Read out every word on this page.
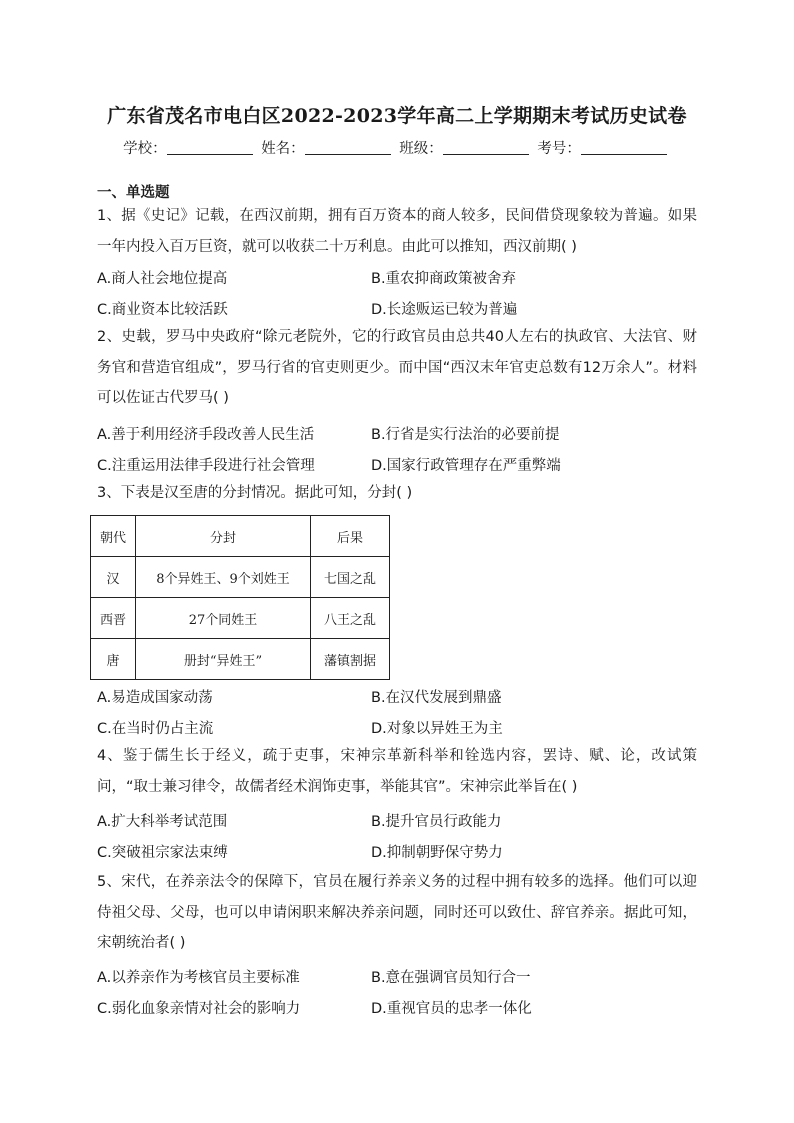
广东省茂名市电白区2022-2023学年高二上学期期末考试历史试卷
学校：	姓名：	班级：	考号：
一、单选题
1、据《史记》记载，在西汉前期，拥有百万资本的商人较多，民间借贷现象较为普遍。如果一年内投入百万巨资，就可以收获二十万利息。由此可以推知，西汉前期( )
A.商人社会地位提高	B.重农抑商政策被舍弃
C.商业资本比较活跃	D.长途贩运已较为普遍
2、史载，罗马中央政府“除元老院外，它的行政官员由总共40人左右的执政官、大法官、财务官和营造官组成”，罗马行省的官吏则更少。而中国“西汉末年官吏总数有12万余人”。材料可以佐证古代罗马( )
A.善于利用经济手段改善人民生活	B.行省是实行法治的必要前提
C.注重运用法律手段进行社会管理	D.国家行政管理存在严重弊端
3、下表是汉至唐的分封情况。据此可知，分封( )
朝代	分封	后果
汉	8个异姓王、9个刘姓王	七国之乱
西晋	27个同姓王	八王之乱
唐	册封“异姓王”	藩镇割据
A.易造成国家动荡	B.在汉代发展到鼎盛
C.在当时仍占主流	D.对象以异姓王为主
4、鉴于儒生长于经义，疏于吏事，宋神宗革新科举和铨选内容，罢诗、赋、论，改试策问，“取士兼习律令，故儒者经术润饰吏事，举能其官”。宋神宗此举旨在( )
A.扩大科举考试范围	B.提升官员行政能力
C.突破祖宗家法束缚	D.抑制朝野保守势力
5、宋代，在养亲法令的保障下，官员在履行养亲义务的过程中拥有较多的选择。他们可以迎侍祖父母、父母，也可以申请闲职来解决养亲问题，同时还可以致仕、辞官养亲。据此可知，宋朝统治者( )
A.以养亲作为考核官员主要标准	B.意在强调官员知行合一
C.弱化血象亲情对社会的影响力	D.重视官员的忠孝一体化
